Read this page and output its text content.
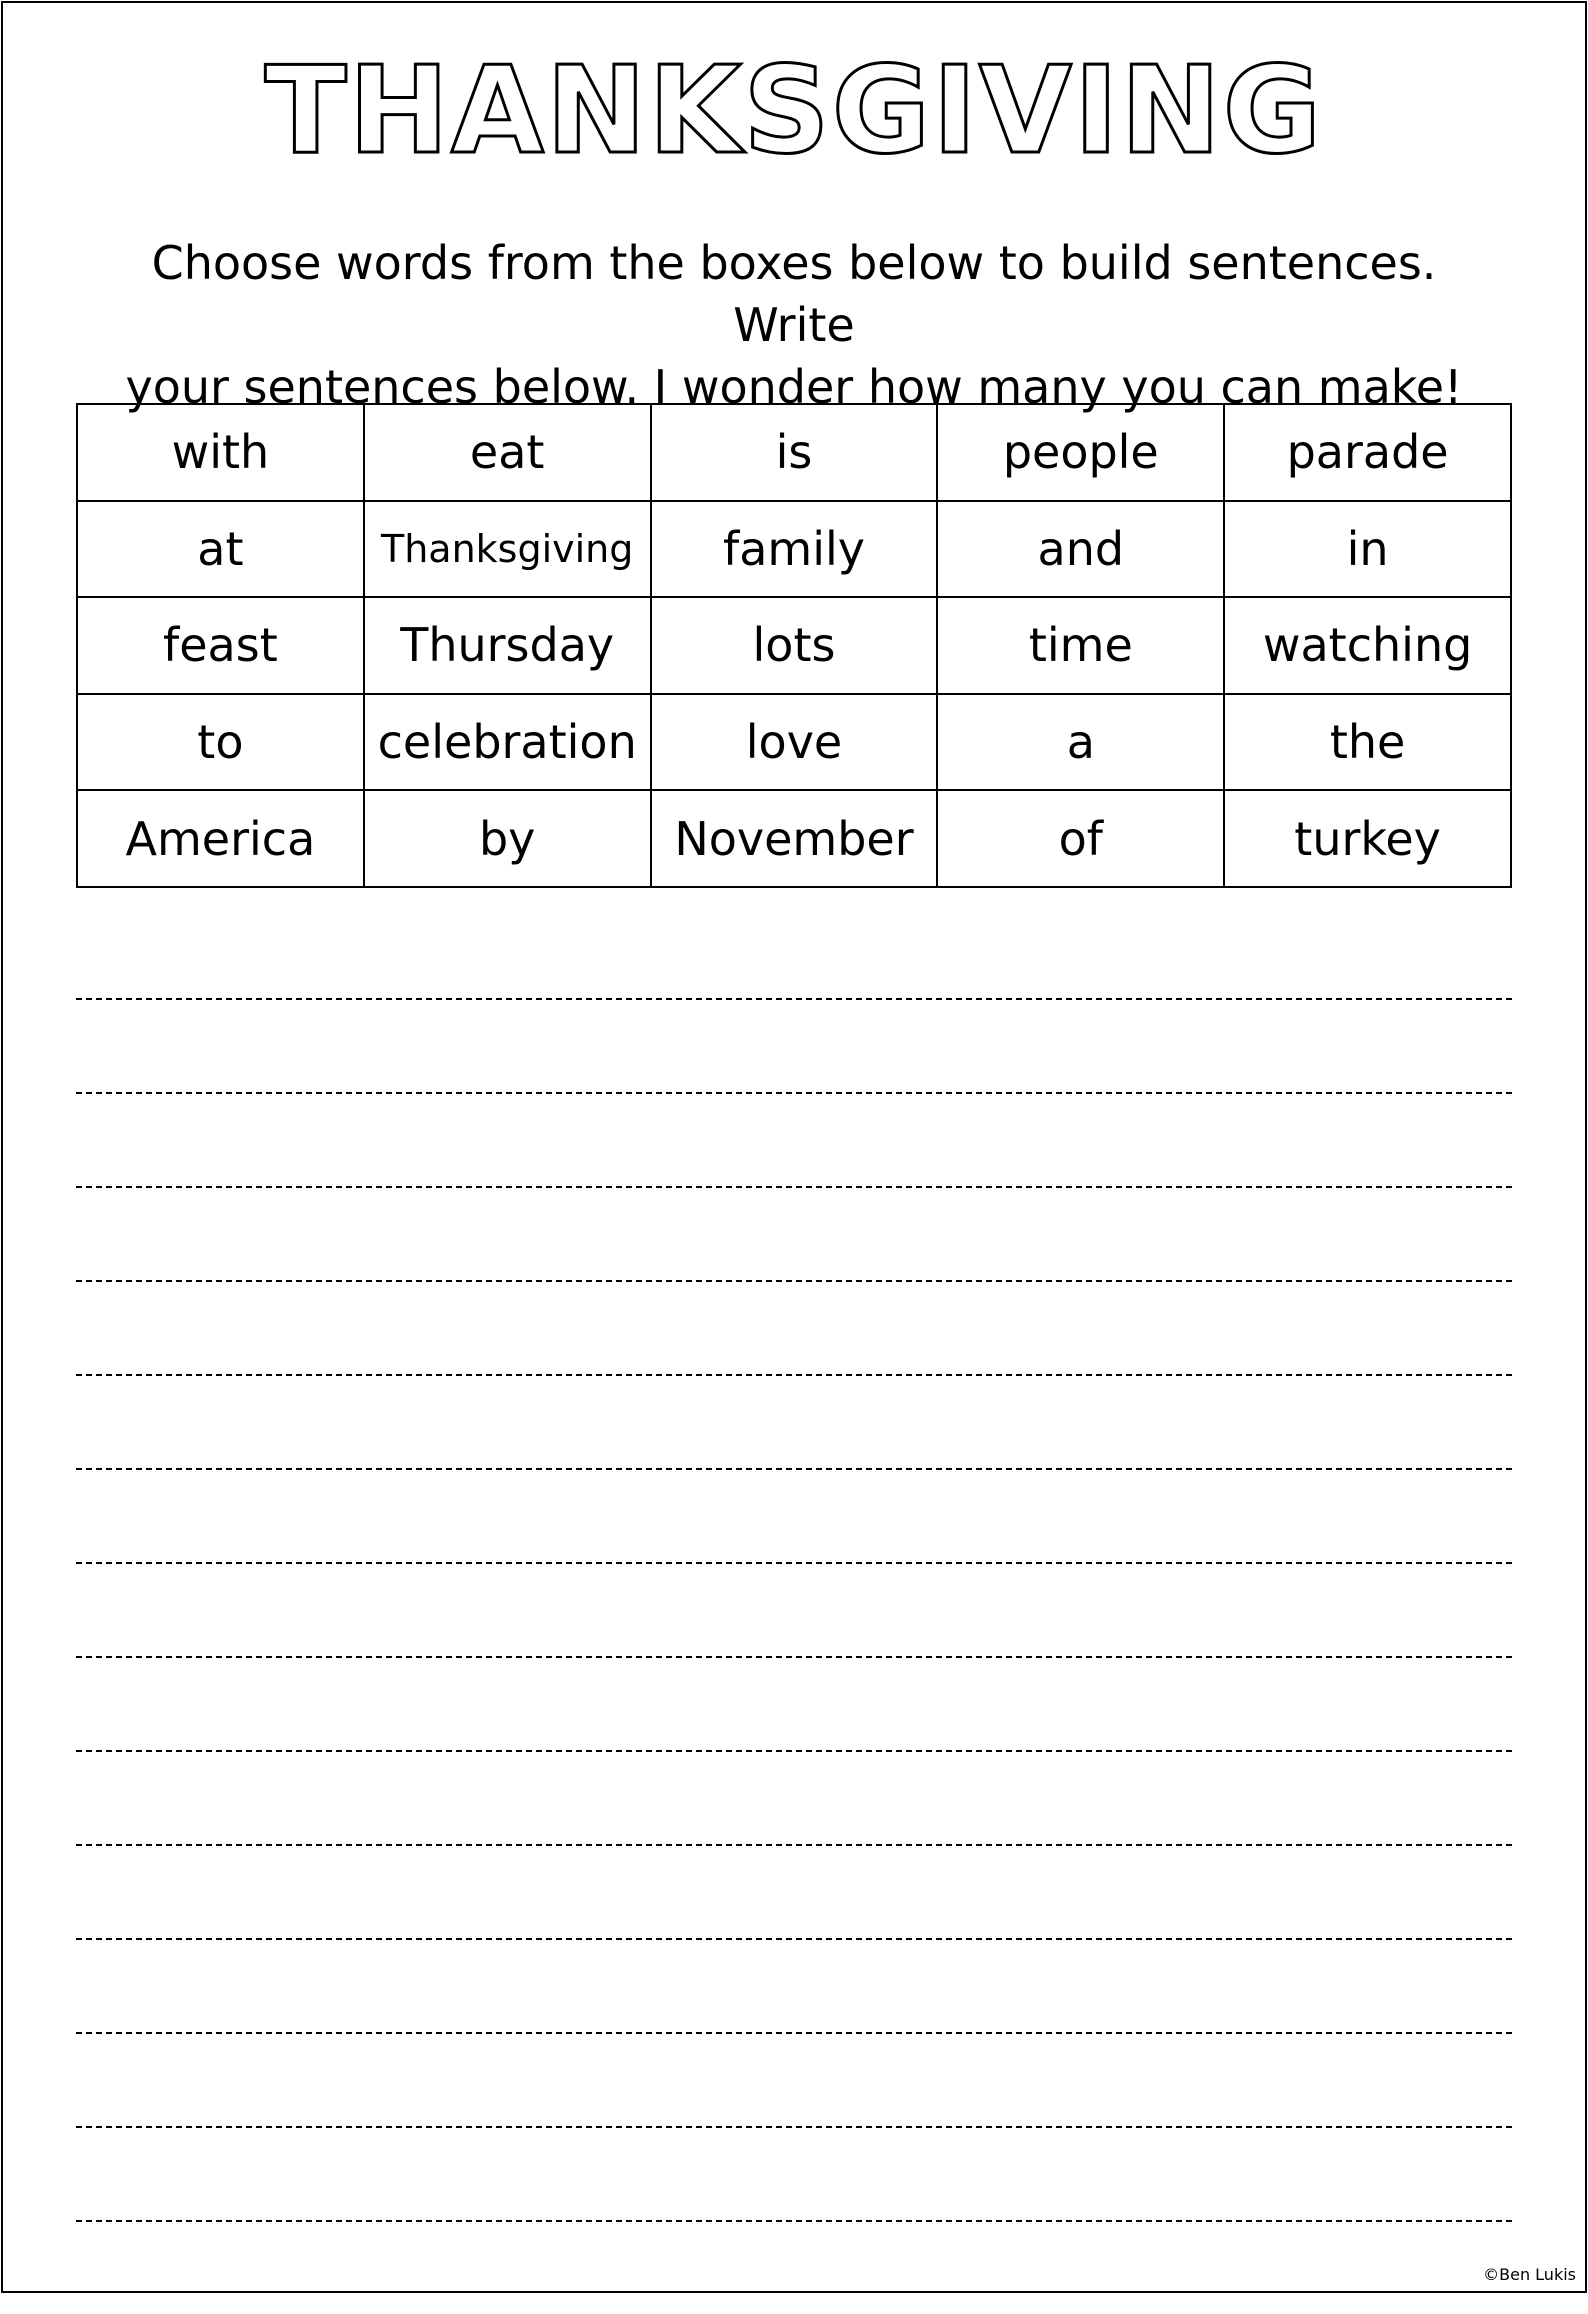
THANKSGIVING
Choose words from the boxes below to build sentences. Write
your sentences below. I wonder how many you can make!
with	eat	is	people	parade
at	Thanksgiving	family	and	in
feast	Thursday	lots	time	watching
to	celebration	love	a	the
America	by	November	of	turkey
©Ben Lukis
